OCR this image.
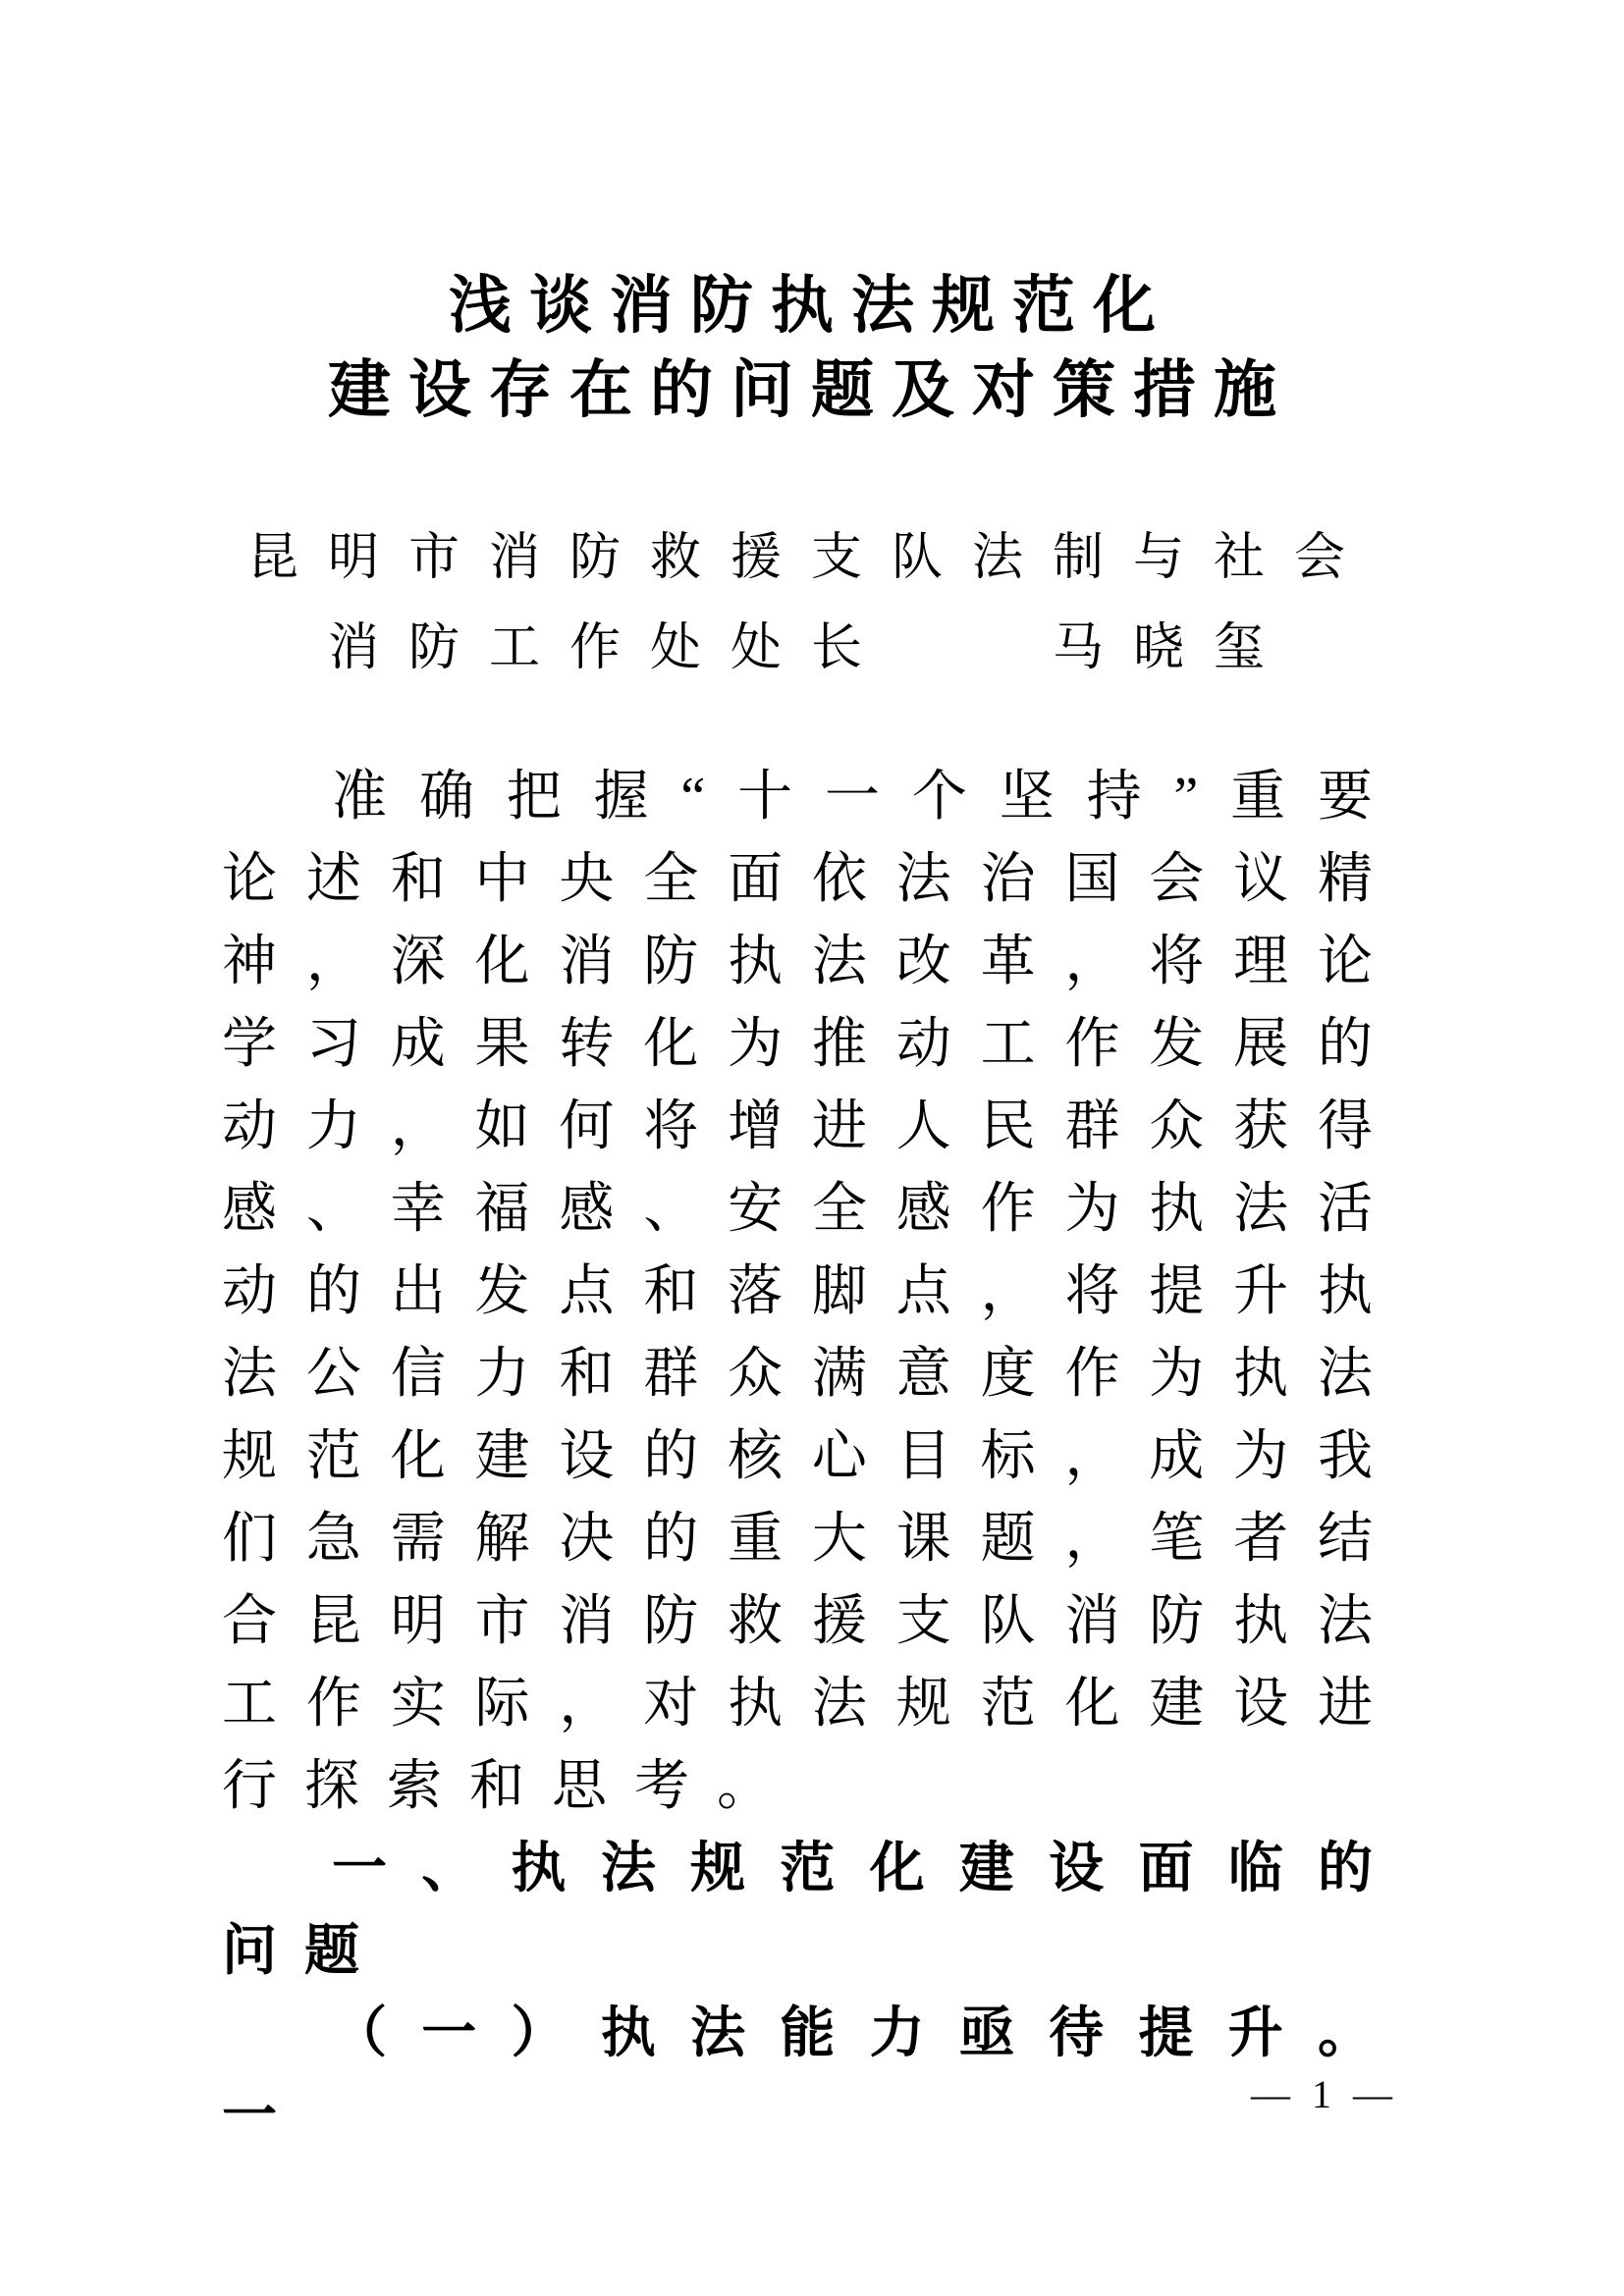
浅谈消防执法规范化
建设存在的问题及对策措施
昆明市消防救援支队法制与社会
消防工作处处长　　马晓玺

准确把握“十一个坚持”重要论述和中央全面依法治国会议精神，深化消防执法改革，将理论学习成果转化为推动工作发展的动力，如何将增进人民群众获得感、幸福感、安全感作为执法活动的出发点和落脚点，将提升执法公信力和群众满意度作为执法规范化建设的核心目标，成为我们急需解决的重大课题，笔者结合昆明市消防救援支队消防执法工作实际，对执法规范化建设进行探索和思考。

一、执法规范化建设面临的问题

（一）执法能力亟待提升。一	— 1 —
